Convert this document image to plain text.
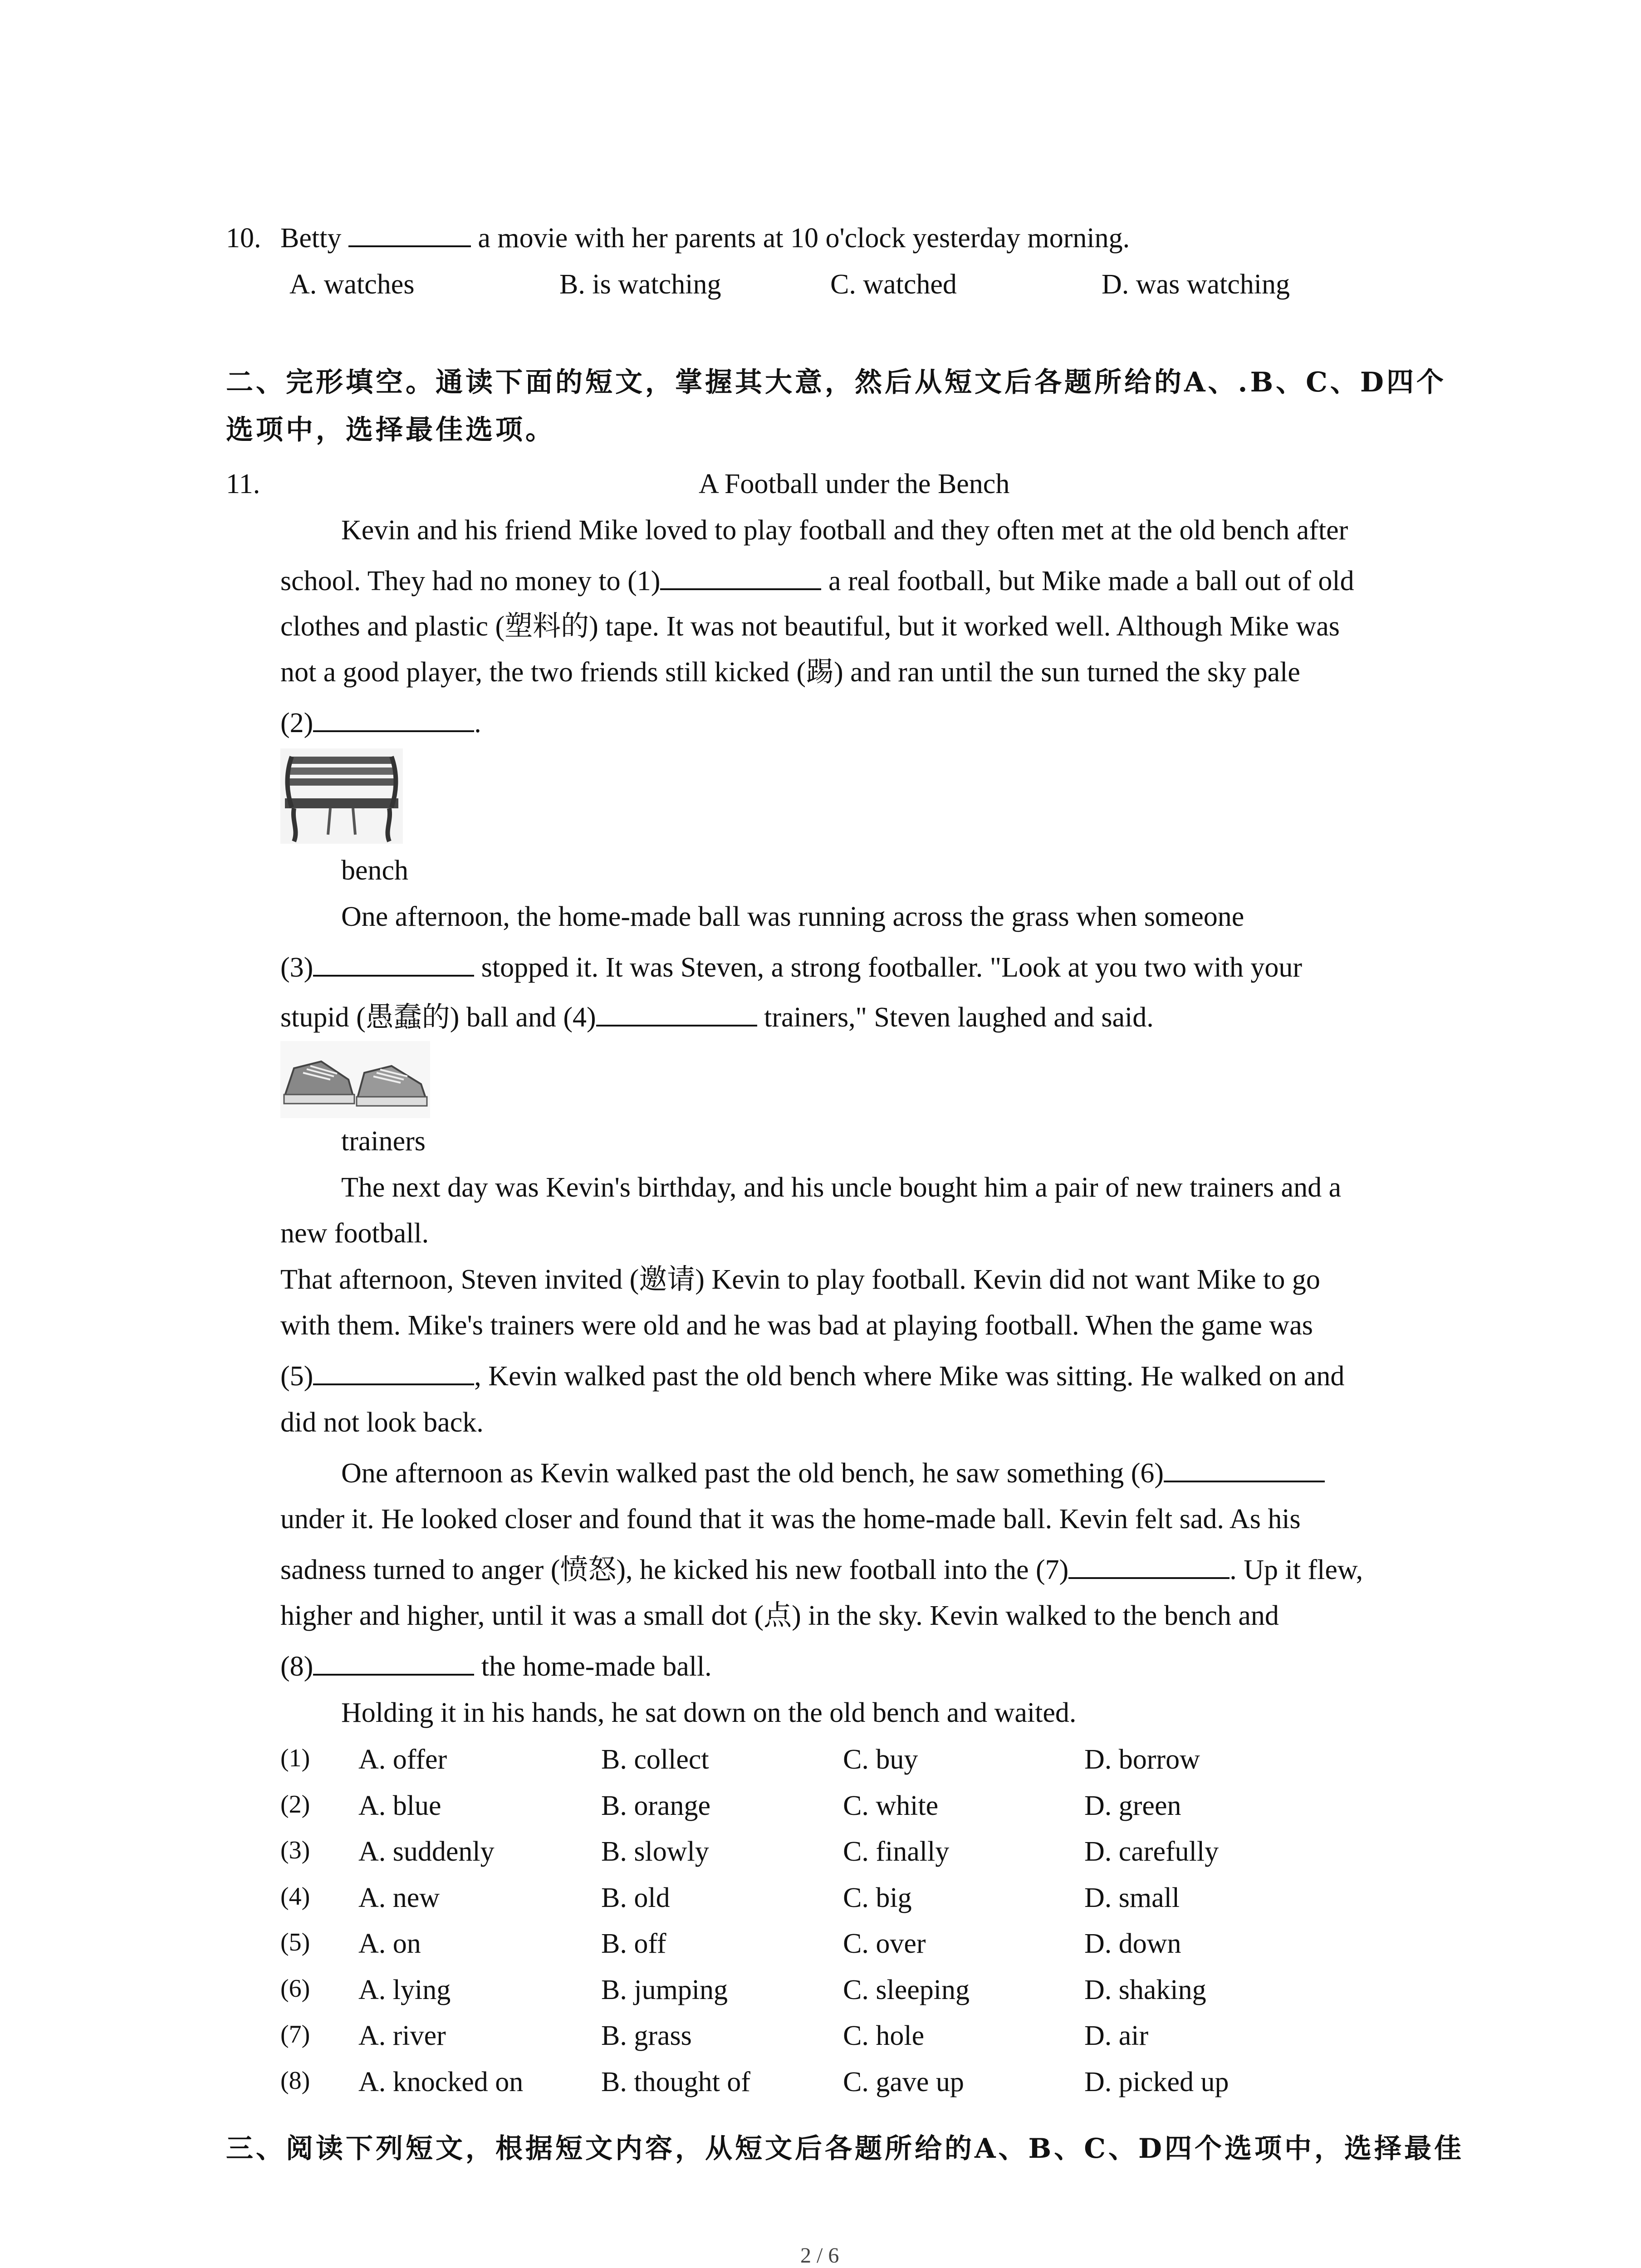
10. Betty	a movie with her parents at 10 o'clock yesterday morning.
A. watches	B. is watching	C. watched	D. was watching
二、完形填空。通读下面的短文，掌握其大意，然后从短文后各题所给的A、.B、C、D四个
选项中，选择最佳选项。
11.	A Football under the Bench
Kevin and his friend Mike loved to play football and they often met at the old bench after
school. They had no money to (1)	a real football, but Mike made a ball out of old
clothes and plastic (塑料的) tape. It was not beautiful, but it worked well. Although Mike was
not a good player, the two friends still kicked (踢) and ran until the sun turned the sky pale
(2)	.
bench
One afternoon, the home-made ball was running across the grass when someone
(3)	stopped it. It was Steven, a strong footballer. "Look at you two with your
stupid (愚蠢的) ball and (4)	trainers," Steven laughed and said.
trainers
The next day was Kevin's birthday, and his uncle bought him a pair of new trainers and a
new football.
That afternoon, Steven invited (邀请) Kevin to play football. Kevin did not want Mike to go
with them. Mike's trainers were old and he was bad at playing football. When the game was
(5)	, Kevin walked past the old bench where Mike was sitting. He walked on and
did not look back.
One afternoon as Kevin walked past the old bench, he saw something (6)
under it. He looked closer and found that it was the home-made ball. Kevin felt sad. As his
sadness turned to anger (愤怒), he kicked his new football into the (7)	. Up it flew,
higher and higher, until it was a small dot (点) in the sky. Kevin walked to the bench and
(8)	the home-made ball.
Holding it in his hands, he sat down on the old bench and waited.
(1) A. offer	B. collect	C. buy	D. borrow
(2) A. blue	B. orange	C. white	D. green
(3) A. suddenly	B. slowly	C. finally	D. carefully
(4) A. new	B. old	C. big	D. small
(5) A. on	B. off	C. over	D. down
(6) A. lying	B. jumping	C. sleeping	D. shaking
(7) A. river	B. grass	C. hole	D. air
(8) A. knocked on	B. thought of	C. gave up	D. picked up
三、阅读下列短文，根据短文内容，从短文后各题所给的A、B、C、D四个选项中，选择最佳
2 / 6
